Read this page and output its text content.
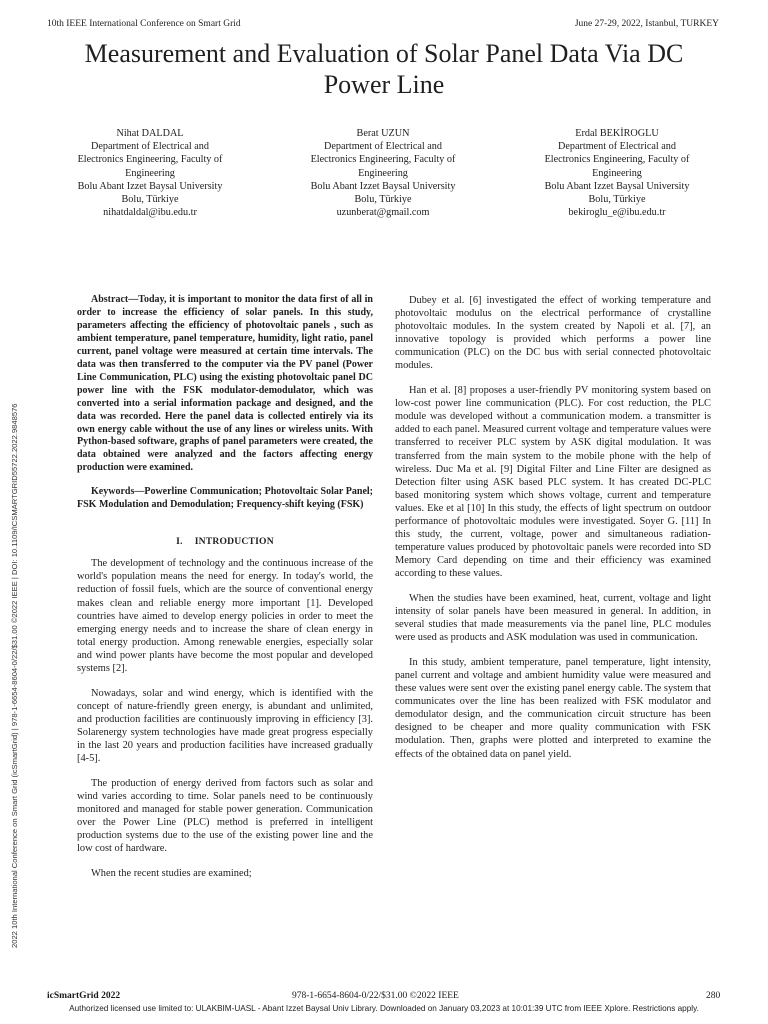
10th IEEE International Conference on Smart Grid	June 27-29, 2022, Istanbul, TURKEY
Measurement and Evaluation of Solar Panel Data Via DC Power Line
Nihat DALDAL
Department of Electrical and
Electronics Engineering, Faculty of
Engineering
Bolu Abant Izzet Baysal University
Bolu, Türkiye
nihatdaldal@ibu.edu.tr
Berat UZUN
Department of Electrical and
Electronics Engineering, Faculty of
Engineering
Bolu Abant Izzet Baysal University
Bolu, Türkiye
uzunberat@gmail.com
Erdal BEKİROGLU
Department of Electrical and
Electronics Engineering, Faculty of
Engineering
Bolu Abant Izzet Baysal University
Bolu, Türkiye
bekiroglu_e@ibu.edu.tr
2022 10th International Conference on Smart Grid (icSmartGrid) | 978-1-6654-8604-0/22/$31.00 ©2022 IEEE | DOI: 10.1109/ICSMARTGRID55722.2022.9848576

Abstract—Today, it is important to monitor the data first of all in order to increase the efficiency of solar panels. In this study, parameters affecting the efficiency of photovoltaic panels , such as ambient temperature, panel temperature, humidity, light ratio, panel current, panel voltage were measured at certain time intervals. The data was then transferred to the computer via the PV panel (Power Line Communication, PLC) using the existing photovoltaic panel DC power line with the FSK modulator-demodulator, which was converted into a serial information package and designed, and the data was recorded. Here the panel data is collected entirely via its own energy cable without the use of any lines or wireless units. With Python-based software, graphs of panel parameters were created, the data obtained were analyzed and the factors affecting energy production were examined.

Keywords—Powerline Communication; Photovoltaic Solar Panel; FSK Modulation and Demodulation; Frequency-shift keying (FSK)

I. INTRODUCTION

The development of technology and the continuous increase of the world's population means the need for energy. In today's world, the reduction of fossil fuels, which are the source of conventional energy makes clean and reliable energy more important [1]. Developed countries have aimed to develop energy policies in order to meet the emerging energy needs and to increase the share of clean energy in total energy production. Among renewable energies, especially solar and wind power plants have become the most popular and developed systems [2].

Nowadays, solar and wind energy, which is identified with the concept of nature-friendly green energy, is abundant and unlimited, and production facilities are continuously improving in efficiency [3]. Solarenergy system technologies have made great progress especially in the last 20 years and production facilities have increased gradually [4-5].

The production of energy derived from factors such as solar and wind varies according to time. Solar panels need to be continuously monitored and managed for stable power generation. Communication over the Power Line (PLC) method is preferred in intelligent production systems due to the use of the existing power line and the low cost of hardware.

When the recent studies are examined;

Dubey et al. [6] investigated the effect of working temperature and photovoltaic modulus on the electrical performance of crystalline photovoltaic modules. In the system created by Napoli et al. [7], an innovative topology is provided which performs a power line communication (PLC) on the DC bus with serial connected photovoltaic modules.

Han et al. [8] proposes a user-friendly PV monitoring system based on low-cost power line communication (PLC). For cost reduction, the PLC module was developed without a communication modem. a transmitter is added to each panel. Measured current voltage and temperature values were transferred to receiver PLC system by ASK digital modulation. It was transferred from the main system to the mobile phone with the help of wireless. Duc Ma et al. [9] Digital Filter and Line Filter are designed as Detection filter using ASK based PLC system. It has created DC-PLC based monitoring system which shows voltage, current and temperature values. Eke et al [10] In this study, the effects of light spectrum on outdoor performance of photovoltaic modules were investigated. Soyer G. [11] In this study, the current, voltage, power and simultaneous radiation-temperature values produced by photovoltaic panels were recorded into SD Memory Card depending on time and their efficiency was examined according to these values.

When the studies have been examined, heat, current, voltage and light intensity of solar panels have been measured in general. In addition, in several studies that made measurements via the panel line, PLC modules were used as products and ASK modulation was used in communication.

In this study, ambient temperature, panel temperature, light intensity, panel current and voltage and ambient humidity value were measured and these values were sent over the existing panel energy cable. The system that communicates over the line has been realized with FSK modulator and demodulator design, and the communication circuit structure has been designed to be cheaper and more quality communication with FSK modulation. Then, graphs were plotted and interpreted to examine the effects of the obtained data on panel yield.

icSmartGrid 2022	978-1-6654-8604-0/22/$31.00 ©2022 IEEE	280
Authorized licensed use limited to: ULAKBIM-UASL - Abant Izzet Baysal Univ Library. Downloaded on January 03,2023 at 10:01:39 UTC from IEEE Xplore. Restrictions apply.
